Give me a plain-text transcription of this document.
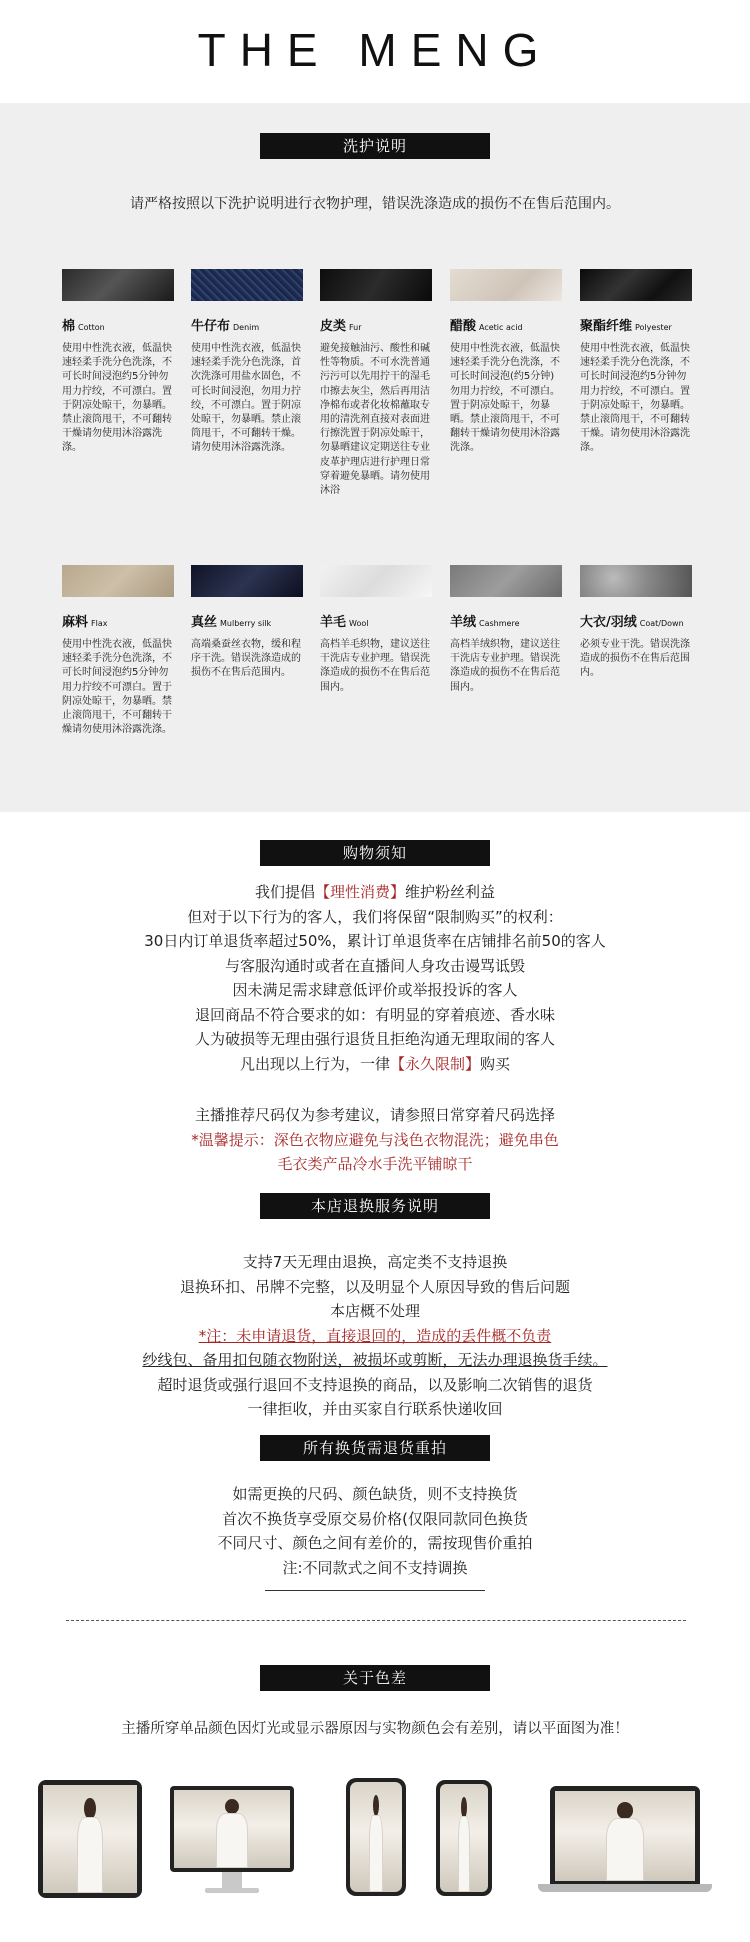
THE MENG
洗护说明
请严格按照以下洗护说明进行衣物护理，错误洗涤造成的损伤不在售后范围内。
棉 Cotton
使用中性洗衣液，低温快速轻柔手洗分色洗涤，不可长时间浸泡约5分钟勿用力拧绞，不可漂白。置于阴凉处晾干，勿暴晒。禁止滚筒甩干，不可翻转干燥请勿使用沐浴露洗涤。
牛仔布 Denim
使用中性洗衣液，低温快速轻柔手洗分色洗涤，首次洗涤可用盐水固色，不可长时间浸泡，勿用力拧绞，不可漂白。置于阴凉处晾干，勿暴晒。禁止滚筒甩干，不可翻转干燥。请勿使用沐浴露洗涤。
皮类 Fur
避免接触油污、酸性和碱性等物质。不可水洗普通污污可以先用拧干的湿毛巾擦去灰尘，然后再用洁净棉布或者化妆棉蘸取专用的清洗剂直接对表面进行擦洗置于阴凉处晾干，勿暴晒建议定期送往专业皮革护理店进行护理日常穿着避免暴晒。请勿使用沐浴
醋酸 Acetic acid
使用中性洗衣液，低温快速轻柔手洗分色洗涤，不可长时间浸泡(约5分钟)勿用力拧绞，不可漂白。置于阴凉处晾干，勿暴晒。禁止滚筒甩干，不可翻转干燥请勿使用沐浴露洗涤。
聚酯纤维 Polyester
使用中性洗衣液，低温快速轻柔手洗分色洗涤，不可长时间浸泡约5分钟勿用力拧绞，不可漂白。置于阴凉处晾干，勿暴晒。禁止滚筒甩干，不可翻转干燥。请勿使用沐浴露洗涤。
麻料 Flax
使用中性洗衣液，低温快速轻柔手洗分色洗涤，不可长时间浸泡约5分钟勿用力拧绞不可漂白。置于阴凉处晾干，勿暴晒。禁止滚筒甩干，不可翻转干燥请勿使用沐浴露洗涤。
真丝 Mulberry silk
高端桑蚕丝衣物，缓和程序干洗。错误洗涤造成的损伤不在售后范围内。
羊毛 Wool
高档羊毛织物，建议送往干洗店专业护理。错误洗涤造成的损伤不在售后范围内。
羊绒 Cashmere
高档羊绒织物，建议送往干洗店专业护理。错误洗涤造成的损伤不在售后范围内。
大衣/羽绒 Coat/Down
必须专业干洗。错误洗涤造成的损伤不在售后范围内。
购物须知

我们提倡【理性消费】维护粉丝利益

但对于以下行为的客人，我们将保留“限制购买”的权利：

30日内订单退货率超过50%，累计订单退货率在店铺排名前50的客人

与客服沟通时或者在直播间人身攻击谩骂诋毁

因未满足需求肆意低评价或举报投诉的客人

退回商品不符合要求的如：有明显的穿着痕迹、香水味

人为破损等无理由强行退货且拒绝沟通无理取闹的客人

凡出现以上行为，一律【永久限制】购买

主播推荐尺码仅为参考建议，请参照日常穿着尺码选择

*温馨提示：深色衣物应避免与浅色衣物混洗；避免串色

毛衣类产品冷水手洗平铺晾干

本店退换服务说明

支持7天无理由退换，高定类不支持退换

退换环扣、吊牌不完整，以及明显个人原因导致的售后问题

本店概不处理

*注：未申请退货，直接退回的，造成的丢件概不负责

纱线包、备用扣包随衣物附送，被损坏或剪断，无法办理退换货手续。

超时退货或强行退回不支持退换的商品，以及影响二次销售的退货

一律拒收，并由买家自行联系快递收回

所有换货需退货重拍

如需更换的尺码、颜色缺货，则不支持换货

首次不换货享受原交易价格(仅限同款同色换货

不同尺寸、颜色之间有差价的，需按现售价重拍

注:不同款式之间不支持调换

关于色差

主播所穿单品颜色因灯光或显示器原因与实物颜色会有差别，请以平面图为准！
